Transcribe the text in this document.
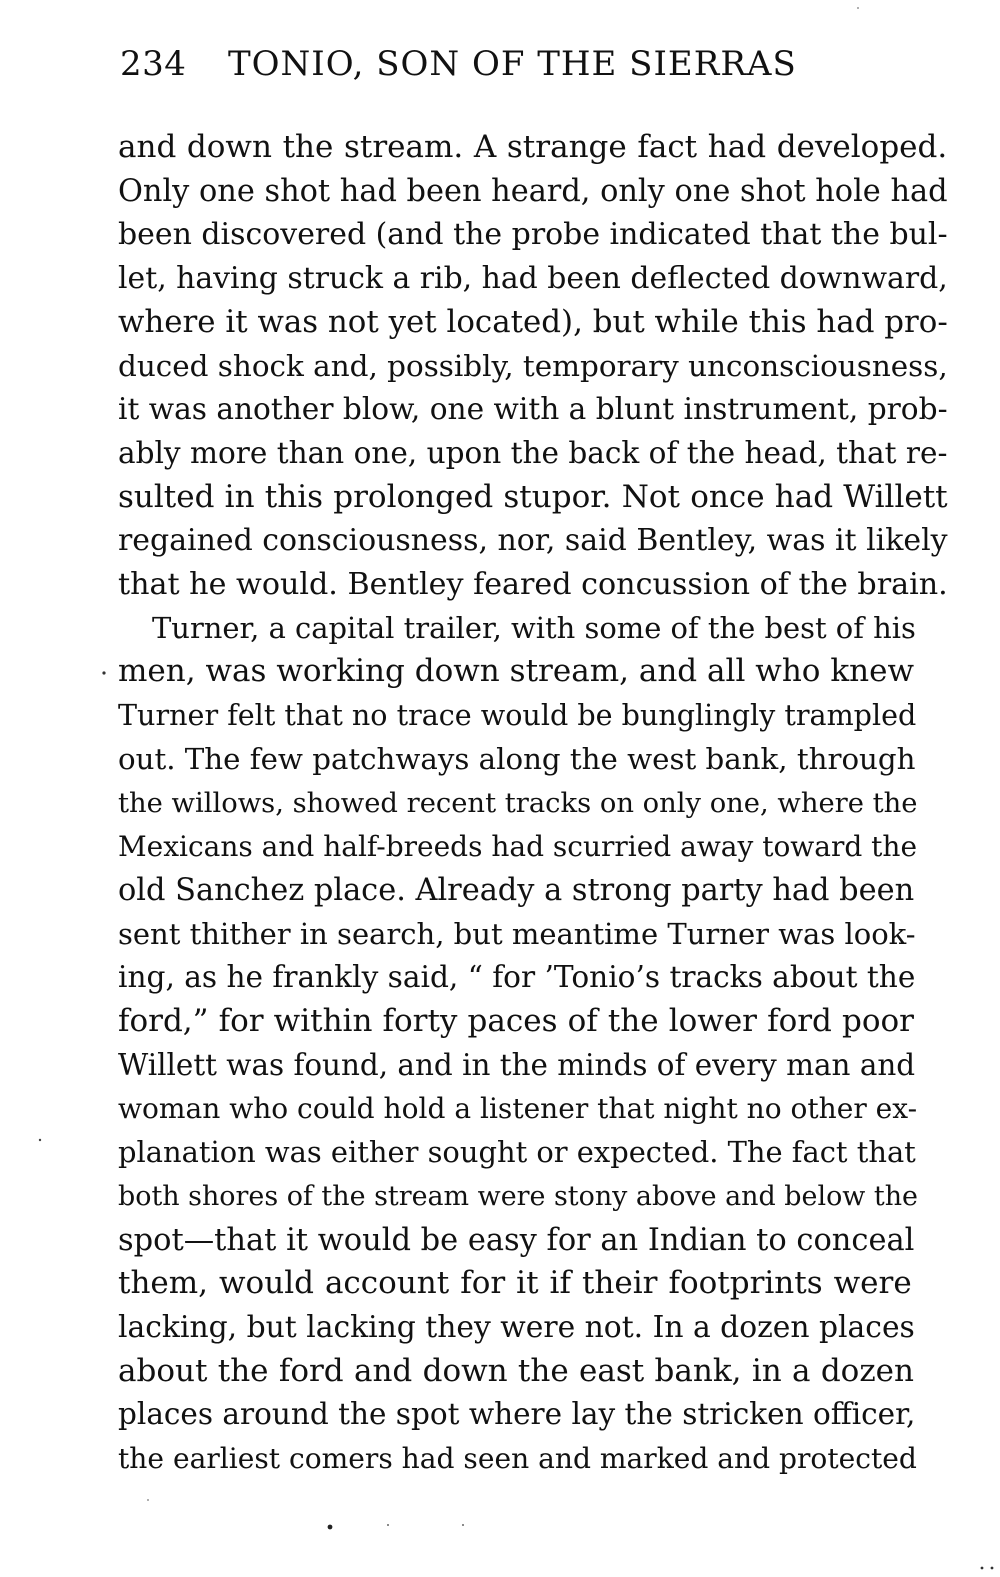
234 TONIO, SON OF THE SIERRAS

and down the stream. A strange fact had developed.
Only one shot had been heard, only one shot hole had
been discovered (and the probe indicated that the bul-
let, having struck a rib, had been deflected downward,
where it was not yet located), but while this had pro-
duced shock and, possibly, temporary unconsciousness,
it was another blow, one with a blunt instrument, prob-
ably more than one, upon the back of the head, that re-
sulted in this prolonged stupor. Not once had Willett
regained consciousness, nor, said Bentley, was it likely
that he would. Bentley feared concussion of the brain.

Turner, a capital trailer, with some of the best of his
men, was working down stream, and all who knew
Turner felt that no trace would be bunglingly trampled
out. The few patchways along the west bank, through
the willows, showed recent tracks on only one, where the
Mexicans and half-breeds had scurried away toward the
old Sanchez place. Already a strong party had been
sent thither in search, but meantime Turner was look-
ing, as he frankly said, “ for ’Tonio’s tracks about the
ford,” for within forty paces of the lower ford poor
Willett was found, and in the minds of every man and
woman who could hold a listener that night no other ex-
planation was either sought or expected. The fact that
both shores of the stream were stony above and below the
spot—that it would be easy for an Indian to conceal
them, would account for it if their footprints were
lacking, but lacking they were not. In a dozen places
about the ford and down the east bank, in a dozen
places around the spot where lay the stricken officer,
the earliest comers had seen and marked and protected
